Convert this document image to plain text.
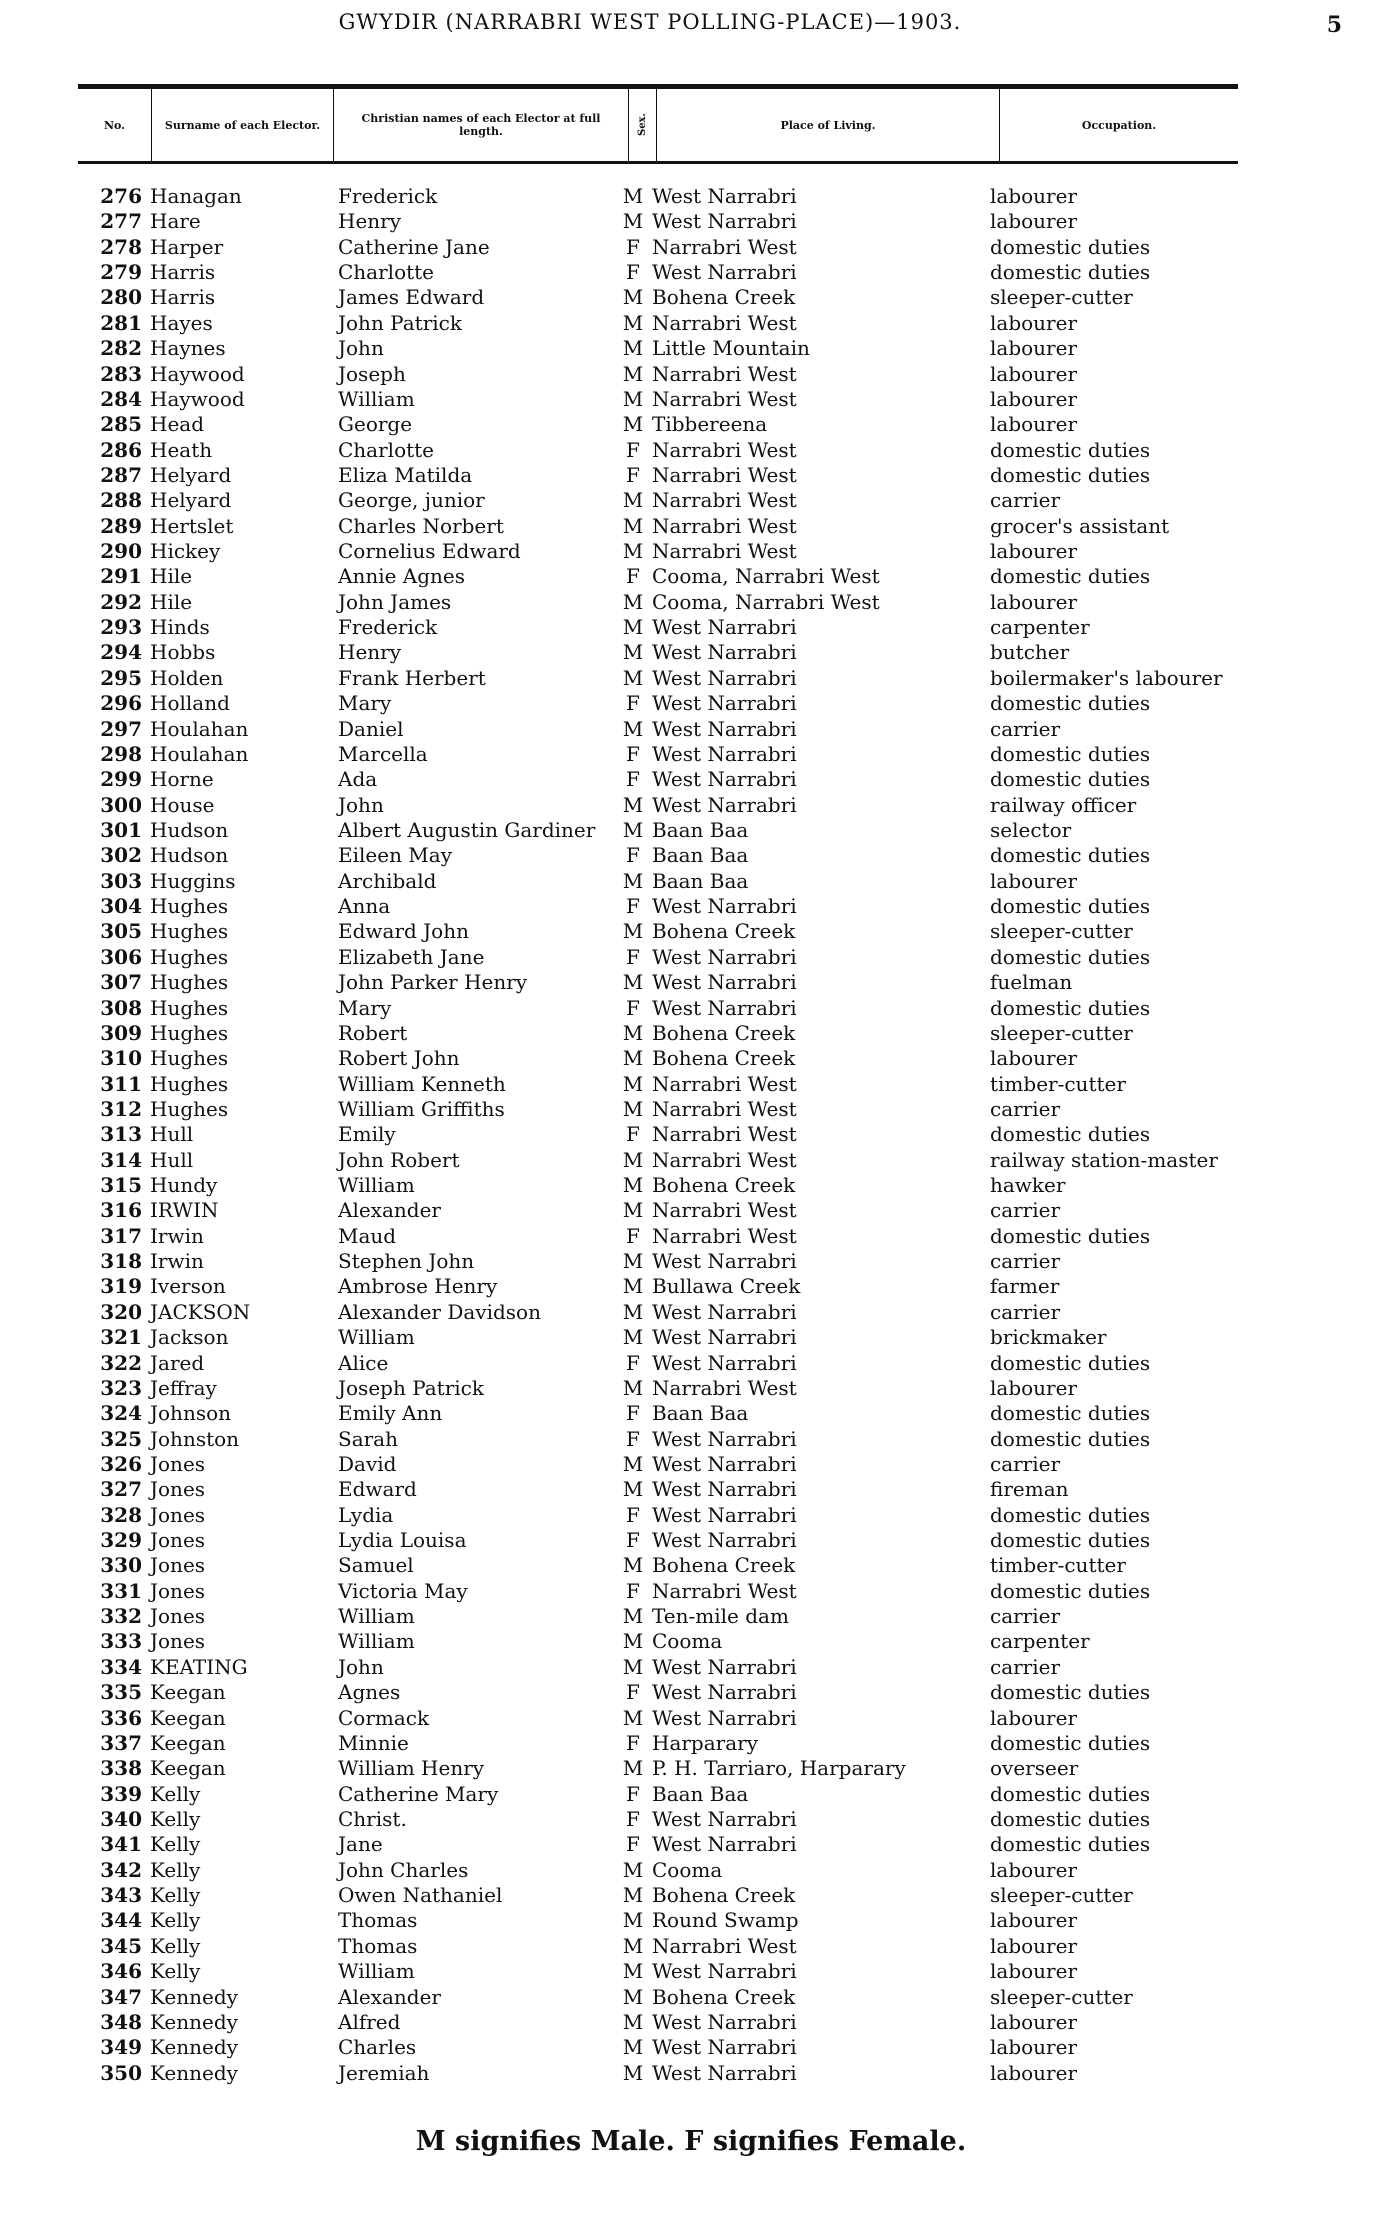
GWYDIR (NARRABRI WEST POLLING-PLACE)—1903.	5
No.	Surname of each Elector.	Christian names of each Elector at full length.	Sex.	Place of Living.	Occupation.
276 Hanagan	Frederick	M West Narrabri	labourer
277 Hare	Henry	M West Narrabri	labourer
278 Harper	Catherine Jane	F Narrabri West	domestic duties
279 Harris	Charlotte	F West Narrabri	domestic duties
280 Harris	James Edward	M Bohena Creek	sleeper-cutter
281 Hayes	John Patrick	M Narrabri West	labourer
282 Haynes	John	M Little Mountain	labourer
283 Haywood	Joseph	M Narrabri West	labourer
284 Haywood	William	M Narrabri West	labourer
285 Head	George	M Tibbereena	labourer
286 Heath	Charlotte	F Narrabri West	domestic duties
287 Helyard	Eliza Matilda	F Narrabri West	domestic duties
288 Helyard	George, junior	M Narrabri West	carrier
289 Hertslet	Charles Norbert	M Narrabri West	grocer's assistant
290 Hickey	Cornelius Edward	M Narrabri West	labourer
291 Hile	Annie Agnes	F Cooma, Narrabri West	domestic duties
292 Hile	John James	M Cooma, Narrabri West	labourer
293 Hinds	Frederick	M West Narrabri	carpenter
294 Hobbs	Henry	M West Narrabri	butcher
295 Holden	Frank Herbert	M West Narrabri	boilermaker's labourer
296 Holland	Mary	F West Narrabri	domestic duties
297 Houlahan	Daniel	M West Narrabri	carrier
298 Houlahan	Marcella	F West Narrabri	domestic duties
299 Horne	Ada	F West Narrabri	domestic duties
300 House	John	M West Narrabri	railway officer
301 Hudson	Albert Augustin Gardiner M Baan Baa	selector
302 Hudson	Eileen May	F Baan Baa	domestic duties
303 Huggins	Archibald	M Baan Baa	labourer
304 Hughes	Anna	F West Narrabri	domestic duties
305 Hughes	Edward John	M Bohena Creek	sleeper-cutter
306 Hughes	Elizabeth Jane	F West Narrabri	domestic duties
307 Hughes	John Parker Henry	M West Narrabri	fuelman
308 Hughes	Mary	F West Narrabri	domestic duties
309 Hughes	Robert	M Bohena Creek	sleeper-cutter
310 Hughes	Robert John	M Bohena Creek	labourer
311 Hughes	William Kenneth	M Narrabri West	timber-cutter
312 Hughes	William Griffiths	M Narrabri West	carrier
313 Hull	Emily	F Narrabri West	domestic duties
314 Hull	John Robert	M Narrabri West	railway station-master
315 Hundy	William	M Bohena Creek	hawker
316 IRWIN	Alexander	M Narrabri West	carrier
317 Irwin	Maud	F Narrabri West	domestic duties
318 Irwin	Stephen John	M West Narrabri	carrier
319 Iverson	Ambrose Henry	M Bullawa Creek	farmer
320 JACKSON	Alexander Davidson	M West Narrabri	carrier
321 Jackson	William	M West Narrabri	brickmaker
322 Jared	Alice	F West Narrabri	domestic duties
323 Jeffray	Joseph Patrick	M Narrabri West	labourer
324 Johnson	Emily Ann	F Baan Baa	domestic duties
325 Johnston	Sarah	F West Narrabri	domestic duties
326 Jones	David	M West Narrabri	carrier
327 Jones	Edward	M West Narrabri	fireman
328 Jones	Lydia	F West Narrabri	domestic duties
329 Jones	Lydia Louisa	F West Narrabri	domestic duties
330 Jones	Samuel	M Bohena Creek	timber-cutter
331 Jones	Victoria May	F Narrabri West	domestic duties
332 Jones	William	M Ten-mile dam	carrier
333 Jones	William	M Cooma	carpenter
334 KEATING	John	M West Narrabri	carrier
335 Keegan	Agnes	F West Narrabri	domestic duties
336 Keegan	Cormack	M West Narrabri	labourer
337 Keegan	Minnie	F Harparary	domestic duties
338 Keegan	William Henry	M P. H. Tarriaro, Harparary	overseer
339 Kelly	Catherine Mary	F Baan Baa	domestic duties
340 Kelly	Christ.	F West Narrabri	domestic duties
341 Kelly	Jane	F West Narrabri	domestic duties
342 Kelly	John Charles	M Cooma	labourer
343 Kelly	Owen Nathaniel	M Bohena Creek	sleeper-cutter
344 Kelly	Thomas	M Round Swamp	labourer
345 Kelly	Thomas	M Narrabri West	labourer
346 Kelly	William	M West Narrabri	labourer
347 Kennedy	Alexander	M Bohena Creek	sleeper-cutter
348 Kennedy	Alfred	M West Narrabri	labourer
349 Kennedy	Charles	M West Narrabri	labourer
350 Kennedy	Jeremiah	M West Narrabri	labourer
M signifies Male. F signifies Female.
